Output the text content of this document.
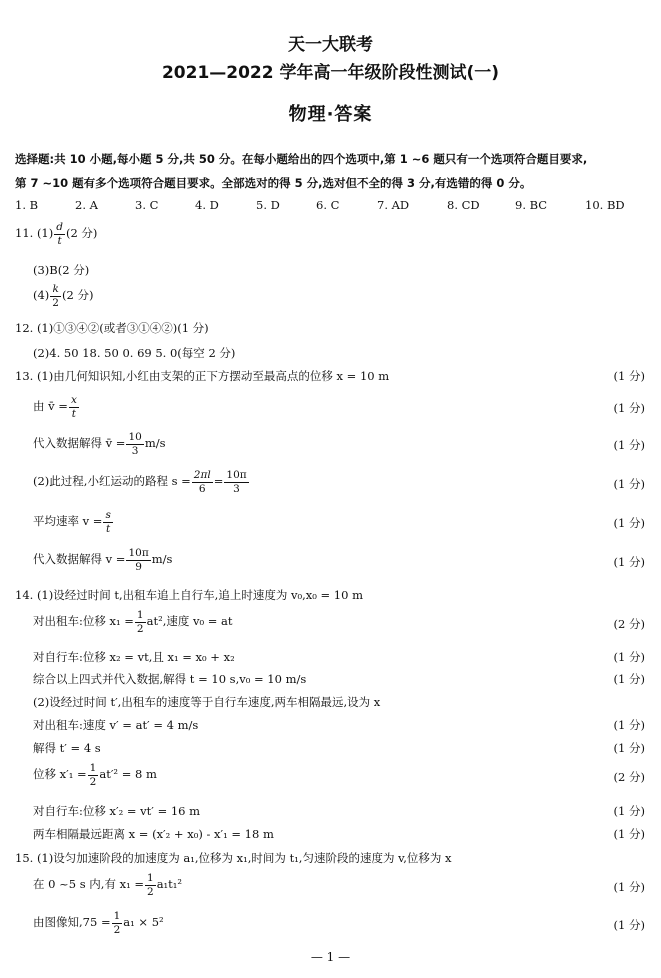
天一大联考
2021—2022 学年高一年级阶段性测试(一)
物理·答案
选择题:共 10 小题,每小题 5 分,共 50 分。在每小题给出的四个选项中,第 1 ~6 题只有一个选项符合题目要求,
第 7 ~10 题有多个选项符合题目要求。全部选对的得 5 分,选对但不全的得 3 分,有选错的得 0 分。
1. B	2. A	3. C	4. D	5. D	6. C	7. AD	8. CD	9. BC	10. BD
11. $(1) \frac{d}{t} (2$ 分)
(3)B(2 分)
$(4) \frac{k}{2} (2$ 分)
12. (1)①③④②(或者③①④②)(1 分)
(2)4. 50 18. 50 0. 69 5. 0(每空 2 分)
13. (1)由几何知识知,小红由支架的正下方摆动至最高点的位移 x = 10 m	(1 分)
由 v̄ = $\frac{x}{t}$	(1 分)
代入数据解得 v̄ = $\frac{10}{3} m/s$	(1 分)
(2)此过程,小红运动的路程 $s = \frac{2\pi l}{6} = \frac{10\pi}{3}$	(1 分)
平均速率 $v = \frac{s}{t}$	(1 分)
代入数据解得 $v = \frac{10\pi}{9} m/s$	(1 分)
14. (1)设经过时间 t,出租车追上自行车,追上时速度为 v₀,x₀ = 10 m
对出租车:位移 $x_1 = \frac{1}{2} at^2$,速度 v₀ = at	(2 分)
对自行车:位移 x₂ = vt,且 x₁ = x₀ + x₂	(1 分)
综合以上四式并代入数据,解得 t = 10 s,v₀ = 10 m/s	(1 分)
(2)设经过时间 t′,出租车的速度等于自行车速度,两车相隔最远,设为 x
对出租车:速度 v′ = at′ = 4 m/s	(1 分)
解得 t′ = 4 s	(1 分)
位移 $x'_1 = \frac{1}{2} at'^2 = 8$ m	(2 分)
对自行车:位移 x′₂ = vt′ = 16 m	(1 分)
两车相隔最远距离 x = (x′₂ + x₀) - x′₁ = 18 m	(1 分)
15. (1)设匀加速阶段的加速度为 a₁,位移为 x₁,时间为 t₁,匀速阶段的速度为 v,位移为 x
在 0 ~5 s 内,有 $x_1 = \frac{1}{2} a_1t_1^2$	(1 分)
由图像知$,75 = \frac{1}{2} a_1 \times 5^2$	(1 分)
— 1 —
